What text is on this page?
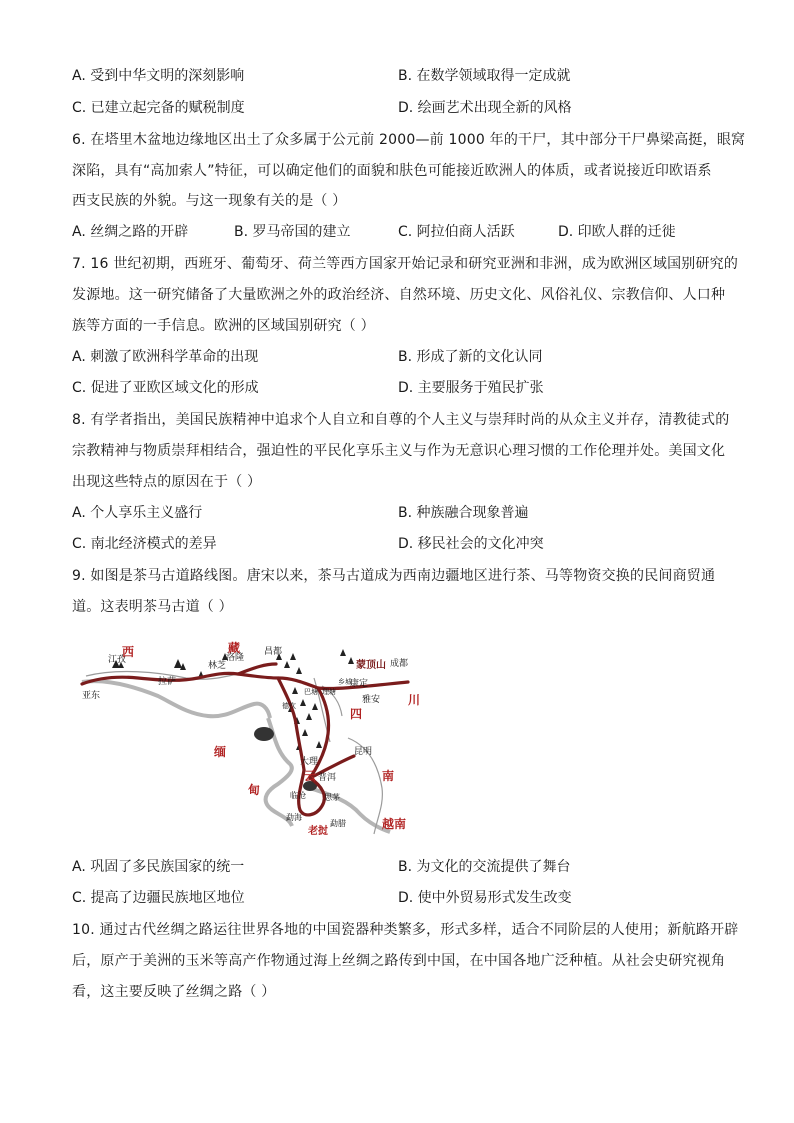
A. 受到中华文明的深刻影响	B. 在数学领域取得一定成就
C. 已建立起完备的赋税制度	D. 绘画艺术出现全新的风格
6. 在塔里木盆地边缘地区出土了众多属于公元前 2000—前 1000 年的干尸，其中部分干尸鼻梁高挺，眼窝
深陷，具有“高加索人”特征，可以确定他们的面貌和肤色可能接近欧洲人的体质，或者说接近印欧语系
西支民族的外貌。与这一现象有关的是（ ）
A. 丝绸之路的开辟	B. 罗马帝国的建立	C. 阿拉伯商人活跃	D. 印欧人群的迁徙
7. 16 世纪初期，西班牙、葡萄牙、荷兰等西方国家开始记录和研究亚洲和非洲，成为欧洲区域国别研究的
发源地。这一研究储备了大量欧洲之外的政治经济、自然环境、历史文化、风俗礼仪、宗教信仰、人口种
族等方面的一手信息。欧洲的区域国别研究（ ）
A. 刺激了欧洲科学革命的出现	B. 形成了新的文化认同
C. 促进了亚欧区域文化的形成	D. 主要服务于殖民扩张
8. 有学者指出，美国民族精神中追求个人自立和自尊的个人主义与崇拜时尚的从众主义并存，清教徒式的
宗教精神与物质崇拜相结合，强迫性的平民化享乐主义与作为无意识心理习惯的工作伦理并处。美国文化
出现这些特点的原因在于（ ）
A. 个人享乐主义盛行	B. 种族融合现象普遍
C. 南北经济模式的差异	D. 移民社会的文化冲突
9. 如图是茶马古道路线图。唐宋以来，茶马古道成为西南边疆地区进行茶、马等物资交换的民间商贸通
道。这表明茶马古道（ ）
江孜
林芝
洛隆
昌都
拉萨
亚东
成都
康定
雅安
巴塘 理塘
乡城
德钦
大理
昆明
普洱
临沧 思茅
勐海
勐腊
西	藏
蒙顶山
四
川
缅
甸
云	南
老挝
越南
A. 巩固了多民族国家的统一	B. 为文化的交流提供了舞台
C. 提高了边疆民族地区地位	D. 使中外贸易形式发生改变
10. 通过古代丝绸之路运往世界各地的中国瓷器种类繁多，形式多样，适合不同阶层的人使用；新航路开辟
后，原产于美洲的玉米等高产作物通过海上丝绸之路传到中国，在中国各地广泛种植。从社会史研究视角
看，这主要反映了丝绸之路（ ）
